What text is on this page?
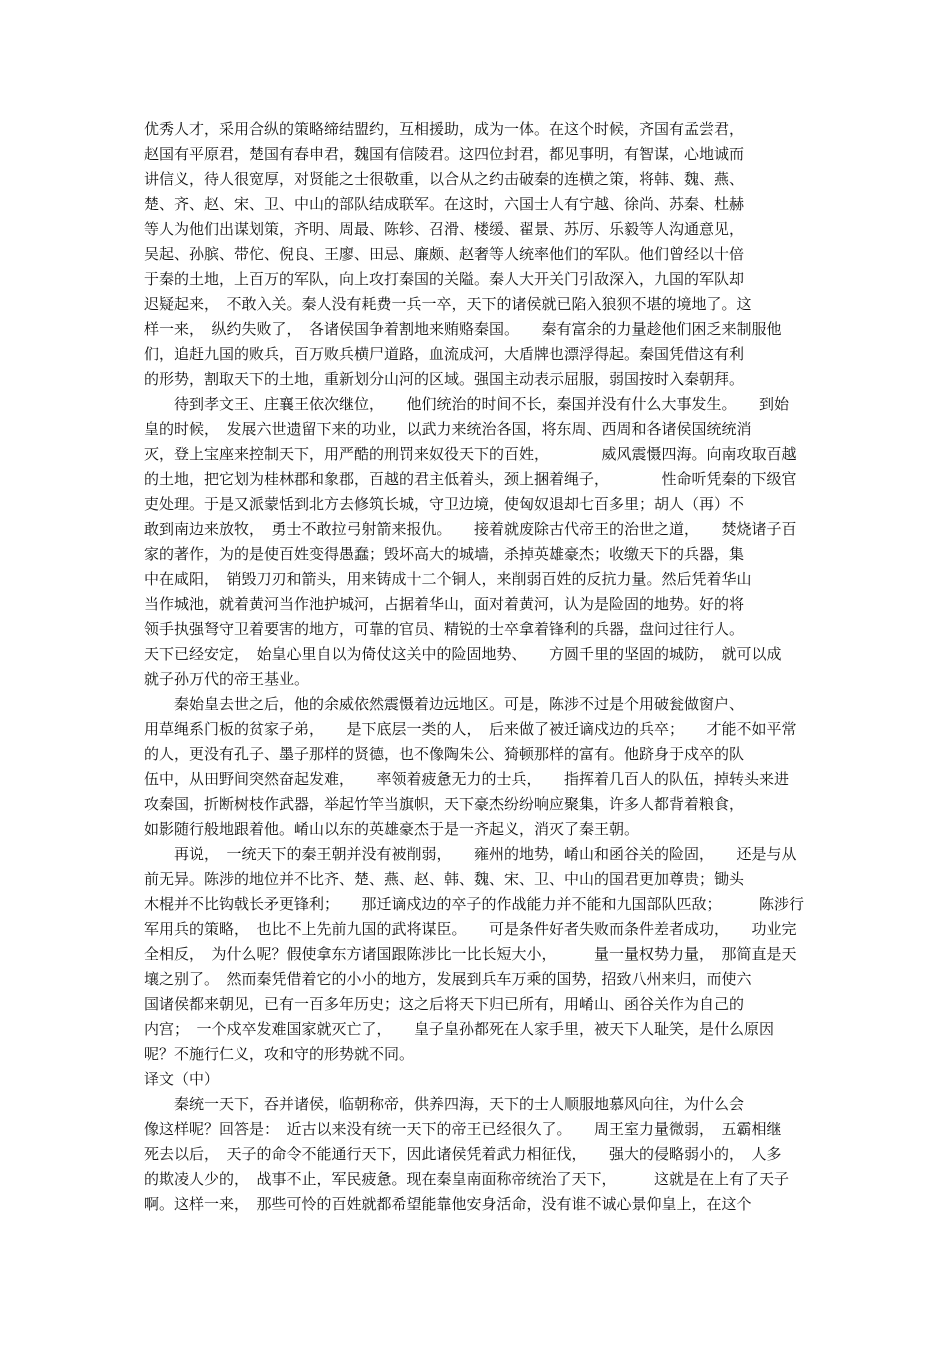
优秀人才，采用合纵的策略缔结盟约，互相援助，成为一体。在这个时候，齐国有孟尝君，
赵国有平原君，楚国有春申君，魏国有信陵君。这四位封君，都见事明，有智谋，心地诚而
讲信义，待人很宽厚，对贤能之士很敬重，以合从之约击破秦的连横之策，将韩、魏、燕、
楚、齐、赵、宋、卫、中山的部队结成联军。在这时，六国士人有宁越、徐尚、苏秦、杜赫
等人为他们出谋划策，齐明、周最、陈轸、召滑、楼缓、翟景、苏厉、乐毅等人沟通意见，
吴起、孙膑、带佗、倪良、王廖、田忌、廉颇、赵奢等人统率他们的军队。他们曾经以十倍
于秦的土地，上百万的军队，向上攻打秦国的关隘。秦人大开关门引敌深入，九国的军队却
迟疑起来，　不敢入关。秦人没有耗费一兵一卒，天下的诸侯就已陷入狼狈不堪的境地了。这
样一来，　纵约失败了，　各诸侯国争着割地来贿赂秦国。　　秦有富余的力量趁他们困乏来制服他
们，追赶九国的败兵，百万败兵横尸道路，血流成河，大盾牌也漂浮得起。秦国凭借这有利
的形势，割取天下的土地，重新划分山河的区域。强国主动表示屈服，弱国按时入秦朝拜。
　　待到孝文王、庄襄王依次继位，　　他们统治的时间不长，秦国并没有什么大事发生。　　到始
皇的时候，　发展六世遗留下来的功业，以武力来统治各国，将东周、西周和各诸侯国统统消
灭，登上宝座来控制天下，用严酷的刑罚来奴役天下的百姓，　　　　威风震慑四海。向南攻取百越
的土地，把它划为桂林郡和象郡，百越的君主低着头，颈上捆着绳子，　　　　性命听凭秦的下级官
吏处理。于是又派蒙恬到北方去修筑长城，守卫边境，使匈奴退却七百多里；胡人（再）不
敢到南边来放牧，　勇士不敢拉弓射箭来报仇。　　接着就废除古代帝王的治世之道，　　焚烧诸子百
家的著作，为的是使百姓变得愚蠢；毁坏高大的城墙，杀掉英雄豪杰；收缴天下的兵器，集
中在咸阳，　销毁刀刃和箭头，用来铸成十二个铜人，来削弱百姓的反抗力量。然后凭着华山
当作城池，就着黄河当作池护城河，占据着华山，面对着黄河，认为是险固的地势。好的将
领手执强弩守卫着要害的地方，可靠的官员、精锐的士卒拿着锋利的兵器，盘问过往行人。
天下已经安定，　始皇心里自以为倚仗这关中的险固地势、　　方圆千里的坚固的城防，　就可以成
就子孙万代的帝王基业。
　　秦始皇去世之后，他的余威依然震慑着边远地区。可是，陈涉不过是个用破瓮做窗户、
用草绳系门板的贫家子弟，　　是下底层一类的人，　后来做了被迁谪戍边的兵卒；　　才能不如平常
的人，更没有孔子、墨子那样的贤德，也不像陶朱公、猗顿那样的富有。他跻身于戍卒的队
伍中，从田野间突然奋起发难，　　率领着疲惫无力的士兵，　　指挥着几百人的队伍，掉转头来进
攻秦国，折断树枝作武器，举起竹竿当旗帜，天下豪杰纷纷响应聚集，许多人都背着粮食，
如影随行般地跟着他。崤山以东的英雄豪杰于是一齐起义，消灭了秦王朝。
　　再说，　一统天下的秦王朝并没有被削弱，　　雍州的地势，崤山和函谷关的险固，　　还是与从
前无异。陈涉的地位并不比齐、楚、燕、赵、韩、魏、宋、卫、中山的国君更加尊贵；锄头
木棍并不比钩戟长矛更锋利；　　那迁谪戍边的卒子的作战能力并不能和九国部队匹敌；　　　陈涉行
军用兵的策略，　也比不上先前九国的武将谋臣。　　可是条件好者失败而条件差者成功，　　功业完
全相反，　为什么呢？假使拿东方诸国跟陈涉比一比长短大小，　　　量一量权势力量，　那简直是天
壤之别了。　然而秦凭借着它的小小的地方，发展到兵车万乘的国势，招致八州来归，而使六
国诸侯都来朝见，已有一百多年历史；这之后将天下归已所有，用崤山、函谷关作为自己的
内宫；　一个戍卒发难国家就灭亡了，　　皇子皇孙都死在人家手里，被天下人耻笑，是什么原因
呢？不施行仁义，攻和守的形势就不同。
译文（中）
　　秦统一天下，吞并诸侯，临朝称帝，供养四海，天下的士人顺服地慕风向往，为什么会
像这样呢？回答是：　近古以来没有统一天下的帝王已经很久了。　　周王室力量微弱，　五霸相继
死去以后，　天子的命令不能通行天下，因此诸侯凭着武力相征伐，　　强大的侵略弱小的，　人多
的欺凌人少的，　战事不止，军民疲惫。现在秦皇南面称帝统治了天下，　　　这就是在上有了天子
啊。这样一来，　那些可怜的百姓就都希望能靠他安身活命，没有谁不诚心景仰皇上，在这个
